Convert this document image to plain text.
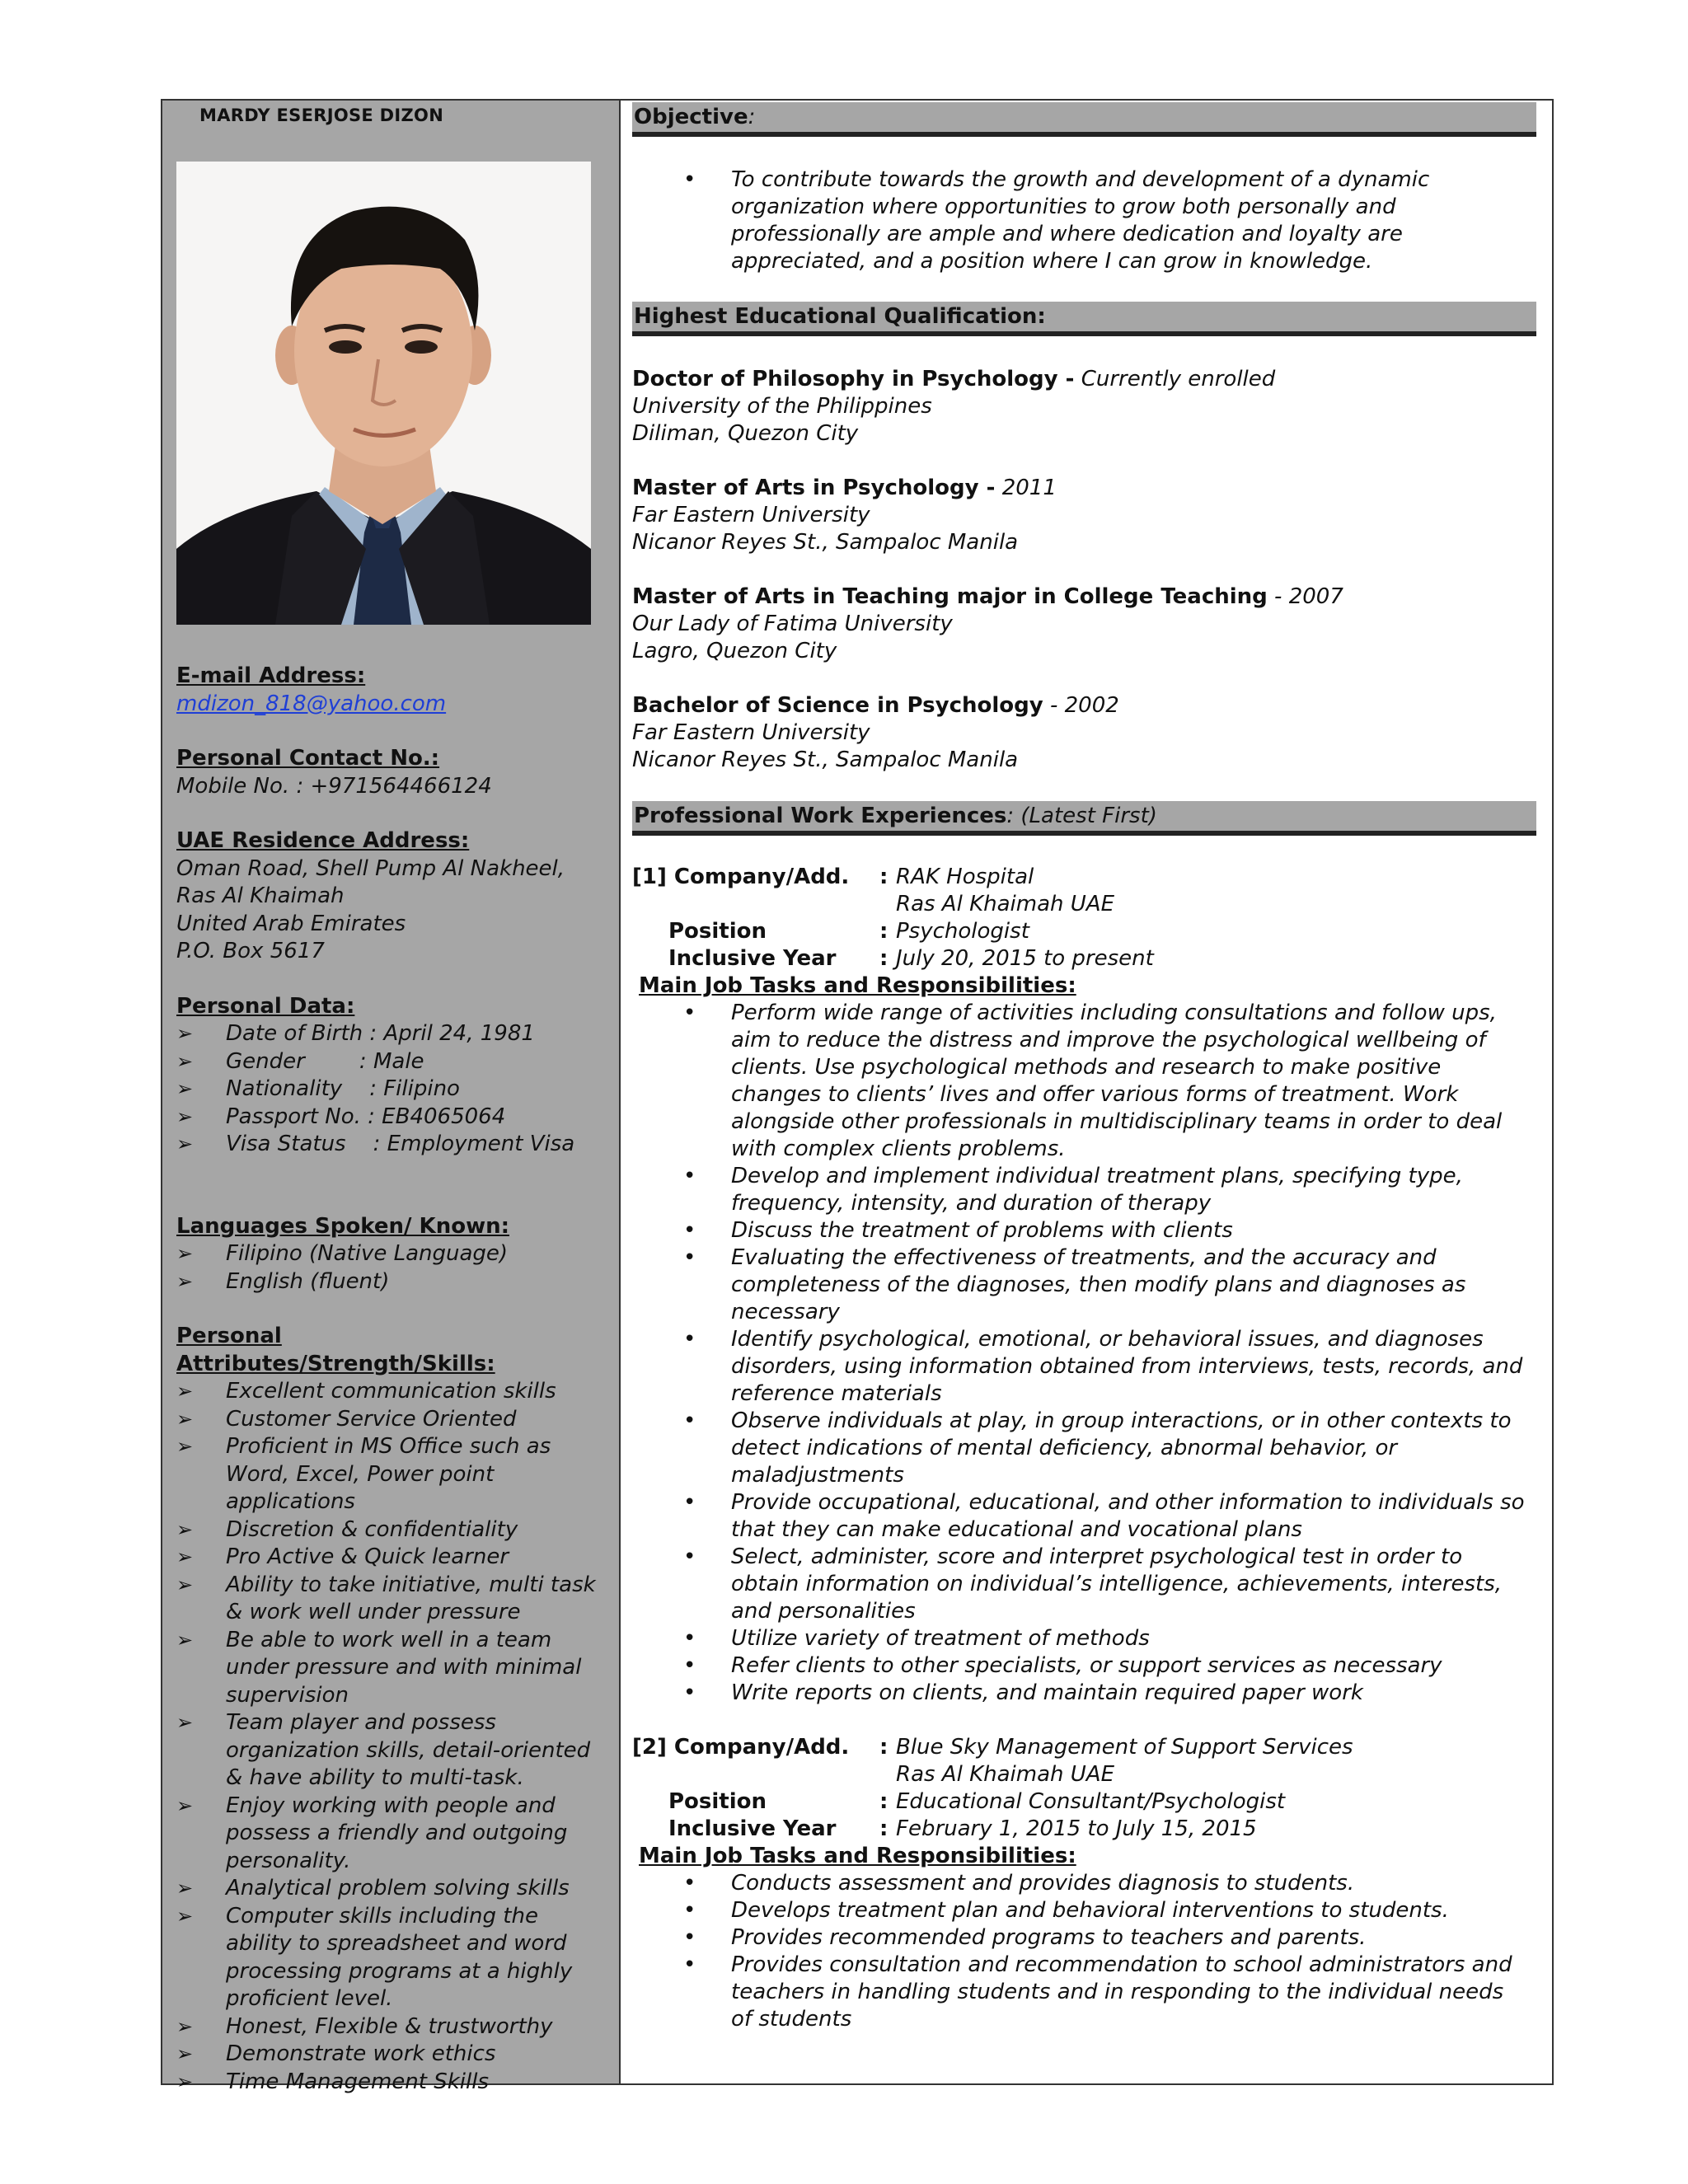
MARDY ESERJOSE DIZON
E-mail Address:
mdizon_818@yahoo.com
Personal Contact No.:
Mobile No. : +971564466124
UAE Residence Address:
Oman Road, Shell Pump Al Nakheel,
Ras Al Khaimah
United Arab Emirates
P.O. Box 5617
Personal Data:
➢ Date of Birth : April 24, 1981
➢ Gender        : Male
➢ Nationality    : Filipino
➢ Passport No. : EB4065064
➢ Visa Status    : Employment Visa
Languages Spoken/ Known:
➢ Filipino (Native Language)
➢ English (fluent)
Personal Attributes/Strength/Skills:
➢ Excellent communication skills
➢ Customer Service Oriented
➢ Proficient in MS Office such as Word, Excel, Power point applications
➢ Discretion & confidentiality
➢ Pro Active & Quick learner
➢ Ability to take initiative, multi task & work well under pressure
➢ Be able to work well in a team under pressure and with minimal supervision
➢ Team player and possess organization skills, detail-oriented & have ability to multi-task.
➢ Enjoy working with people and possess a friendly and outgoing personality.
➢ Analytical problem solving skills
➢ Computer skills including the ability to spreadsheet and word processing programs at a highly proficient level.
➢ Honest, Flexible & trustworthy
➢ Demonstrate work ethics
➢ Time Management Skills
Objective:
• To contribute towards the growth and development of a dynamic organization where opportunities to grow both personally and professionally are ample and where dedication and loyalty are appreciated, and a position where I can grow in knowledge.
Highest Educational Qualification:
Doctor of Philosophy in Psychology - Currently enrolled
University of the Philippines
Diliman, Quezon City
Master of Arts in Psychology - 2011
Far Eastern University
Nicanor Reyes St., Sampaloc Manila
Master of Arts in Teaching major in College Teaching - 2007
Our Lady of Fatima University
Lagro, Quezon City
Bachelor of Science in Psychology - 2002
Far Eastern University
Nicanor Reyes St., Sampaloc Manila
Professional Work Experiences: (Latest First)
[1] Company/Add.	: RAK Hospital
Ras Al Khaimah UAE
Position	: Psychologist
Inclusive Year	: July 20, 2015 to present
Main Job Tasks and Responsibilities:
• Perform wide range of activities including consultations and follow ups, aim to reduce the distress and improve the psychological wellbeing of clients. Use psychological methods and research to make positive changes to clients’ lives and offer various forms of treatment. Work alongside other professionals in multidisciplinary teams in order to deal with complex clients problems.
• Develop and implement individual treatment plans, specifying type, frequency, intensity, and duration of therapy
• Discuss the treatment of problems with clients
• Evaluating the effectiveness of treatments, and the accuracy and completeness of the diagnoses, then modify plans and diagnoses as necessary
• Identify psychological, emotional, or behavioral issues, and diagnoses disorders, using information obtained from interviews, tests, records, and reference materials
• Observe individuals at play, in group interactions, or in other contexts to detect indications of mental deficiency, abnormal behavior, or maladjustments
• Provide occupational, educational, and other information to individuals so that they can make educational and vocational plans
• Select, administer, score and interpret psychological test in order to obtain information on individual’s intelligence, achievements, interests, and personalities
• Utilize variety of treatment of methods
• Refer clients to other specialists, or support services as necessary
• Write reports on clients, and maintain required paper work
[2] Company/Add.	: Blue Sky Management of Support Services
Ras Al Khaimah UAE
Position	: Educational Consultant/Psychologist
Inclusive Year	: February 1, 2015 to July 15, 2015
Main Job Tasks and Responsibilities:
• Conducts assessment and provides diagnosis to students.
• Develops treatment plan and behavioral interventions to students.
• Provides recommended programs to teachers and parents.
• Provides consultation and recommendation to school administrators and teachers in handling students and in responding to the individual needs of students
